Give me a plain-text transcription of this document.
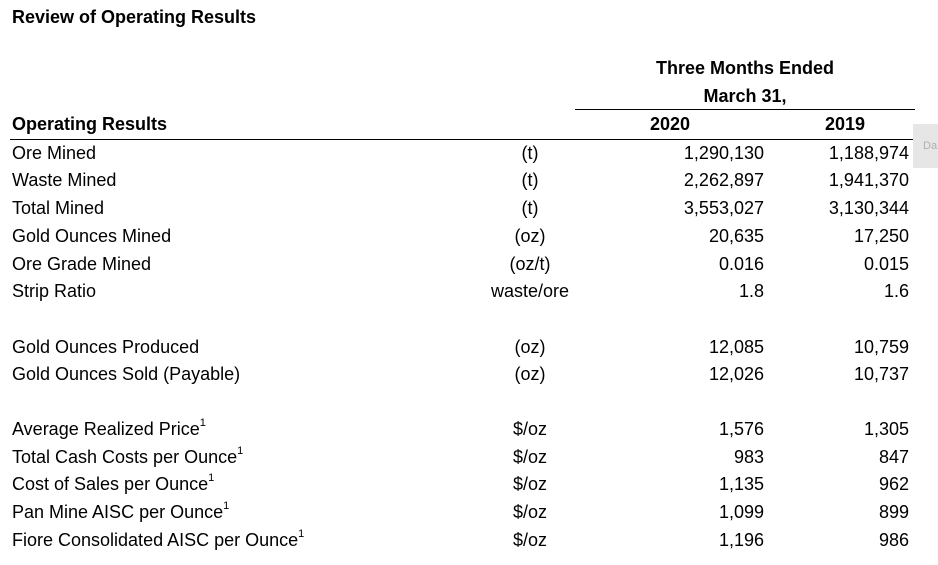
Review of Operating Results
Three Months Ended
March 31,
Operating Results	2020	2019
Da
Ore Mined	(t)	1,290,130	1,188,974
Waste Mined	(t)	2,262,897	1,941,370
Total Mined	(t)	3,553,027	3,130,344
Gold Ounces Mined	(oz)	20,635	17,250
Ore Grade Mined	(oz/t)	0.016	0.015
Strip Ratio	waste/ore	1.8	1.6
Gold Ounces Produced	(oz)	12,085	10,759
Gold Ounces Sold (Payable)	(oz)	12,026	10,737
Average Realized Price$^1$	$/oz	1,576	1,305
Total Cash Costs per Ounce$^1$	$/oz	983	847
Cost of Sales per Ounce$^1$	$/oz	1,135	962
Pan Mine AISC per Ounce$^1$	$/oz	1,099	899
Fiore Consolidated AISC per Ounce$^1$	$/oz	1,196	986
